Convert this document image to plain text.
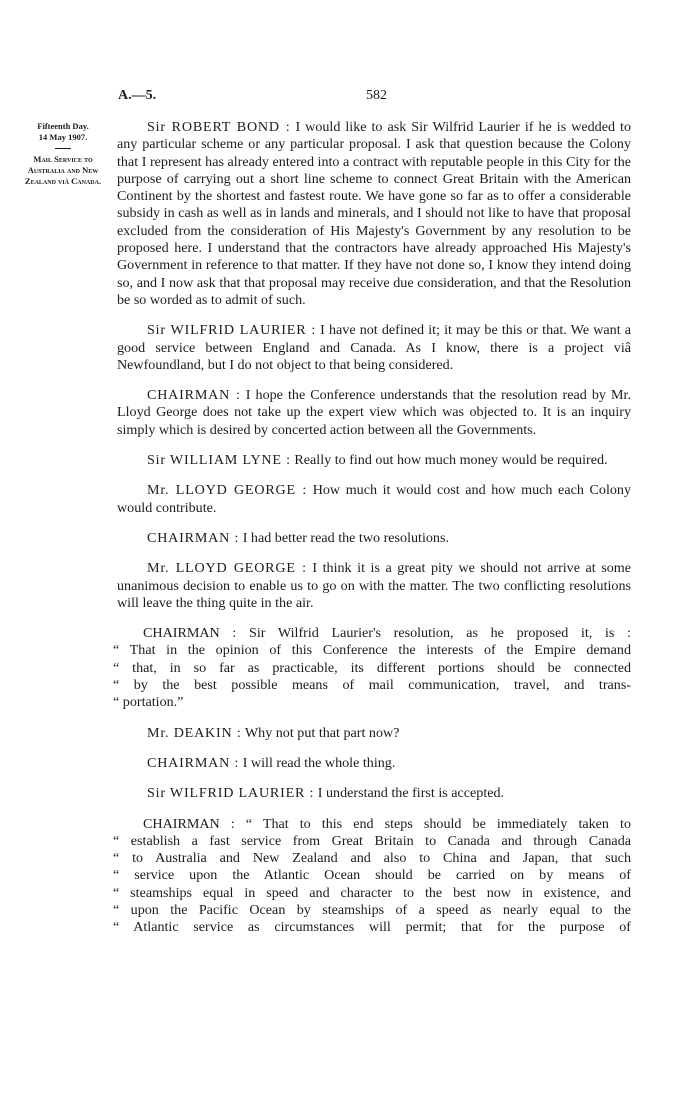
A.—5.	582
Fifteenth Day.
14 May 1907.
Mail Service to Australia and New Zealand viâ Canada.

Sir ROBERT BOND : I would like to ask Sir Wilfrid Laurier if he is wedded to any particular scheme or any particular proposal. I ask that question because the Colony that I represent has already entered into a contract with reputable people in this City for the purpose of carrying out a short line scheme to connect Great Britain with the American Continent by the shortest and fastest route. We have gone so far as to offer a considerable subsidy in cash as well as in lands and minerals, and I should not like to have that proposal excluded from the consideration of His Majesty's Government by any resolution to be proposed here. I understand that the contractors have already approached His Majesty's Government in reference to that matter. If they have not done so, I know they intend doing so, and I now ask that that proposal may receive due consideration, and that the Resolution be so worded as to admit of such.

Sir WILFRID LAURIER : I have not defined it; it may be this or that. We want a good service between England and Canada. As I know, there is a project viâ Newfoundland, but I do not object to that being considered.

CHAIRMAN : I hope the Conference understands that the resolution read by Mr. Lloyd George does not take up the expert view which was objected to. It is an inquiry simply which is desired by concerted action between all the Governments.

Sir WILLIAM LYNE : Really to find out how much money would be required.

Mr. LLOYD GEORGE : How much it would cost and how much each Colony would contribute.

CHAIRMAN : I had better read the two resolutions.

Mr. LLOYD GEORGE : I think it is a great pity we should not arrive at some unanimous decision to enable us to go on with the matter. The two conflicting resolutions will leave the thing quite in the air.

CHAIRMAN : Sir Wilfrid Laurier's resolution, as he proposed it, is :

“ That in the opinion of this Conference the interests of the Empire demand

“ that, in so far as practicable, its different portions should be connected

“ by the best possible means of mail communication, travel, and trans-

“ portation.”

Mr. DEAKIN : Why not put that part now?

CHAIRMAN : I will read the whole thing.

Sir WILFRID LAURIER : I understand the first is accepted.

CHAIRMAN : “ That to this end steps should be immediately taken to

“ establish a fast service from Great Britain to Canada and through Canada

“ to Australia and New Zealand and also to China and Japan, that such

“ service upon the Atlantic Ocean should be carried on by means of

“ steamships equal in speed and character to the best now in existence, and

“ upon the Pacific Ocean by steamships of a speed as nearly equal to the

“ Atlantic service as circumstances will permit; that for the purpose of
